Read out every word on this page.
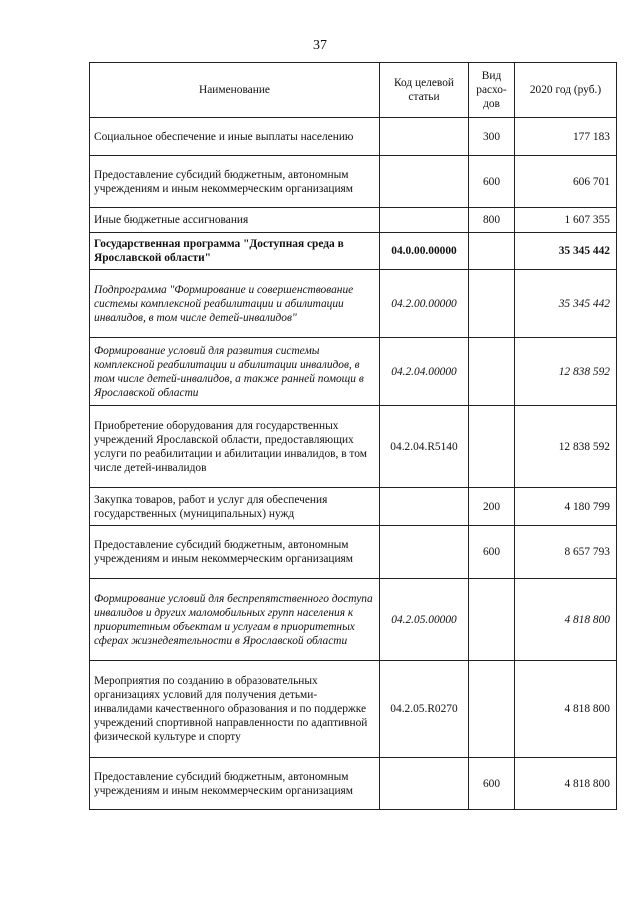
37
Наименование	Код целевой статьи	Вид расхо-дов	2020 год (руб.)
Социальное обеспечение и иные выплаты населению		300	177 183
Предоставление субсидий бюджетным, автономным учреждениям и иным некоммерческим организациям		600	606 701
Иные бюджетные ассигнования		800	1 607 355
Государственная программа "Доступная среда в Ярославской области"	04.0.00.00000		35 345 442
Подпрограмма "Формирование и совершенствование системы комплексной реабилитации и абилитации инвалидов, в том числе детей-инвалидов"	04.2.00.00000		35 345 442
Формирование условий для развития системы комплексной реабилитации и абилитации инвалидов, в том числе детей-инвалидов, а также ранней помощи в Ярославской области	04.2.04.00000		12 838 592
Приобретение оборудования для государственных учреждений Ярославской области, предоставляющих услуги по реабилитации и абилитации инвалидов, в том числе детей-инвалидов	04.2.04.R5140		12 838 592
Закупка товаров, работ и услуг для обеспечения государственных (муниципальных) нужд		200	4 180 799
Предоставление субсидий бюджетным, автономным учреждениям и иным некоммерческим организациям		600	8 657 793
Формирование условий для беспрепятственного доступа инвалидов и других маломобильных групп населения к приоритетным объектам и услугам в приоритетных сферах жизнедеятельности в Ярославской области	04.2.05.00000		4 818 800
Мероприятия по созданию в образовательных организациях условий для получения детьми-инвалидами качественного образования и по поддержке учреждений спортивной направленности по адаптивной физической культуре и спорту	04.2.05.R0270		4 818 800
Предоставление субсидий бюджетным, автономным учреждениям и иным некоммерческим организациям		600	4 818 800
